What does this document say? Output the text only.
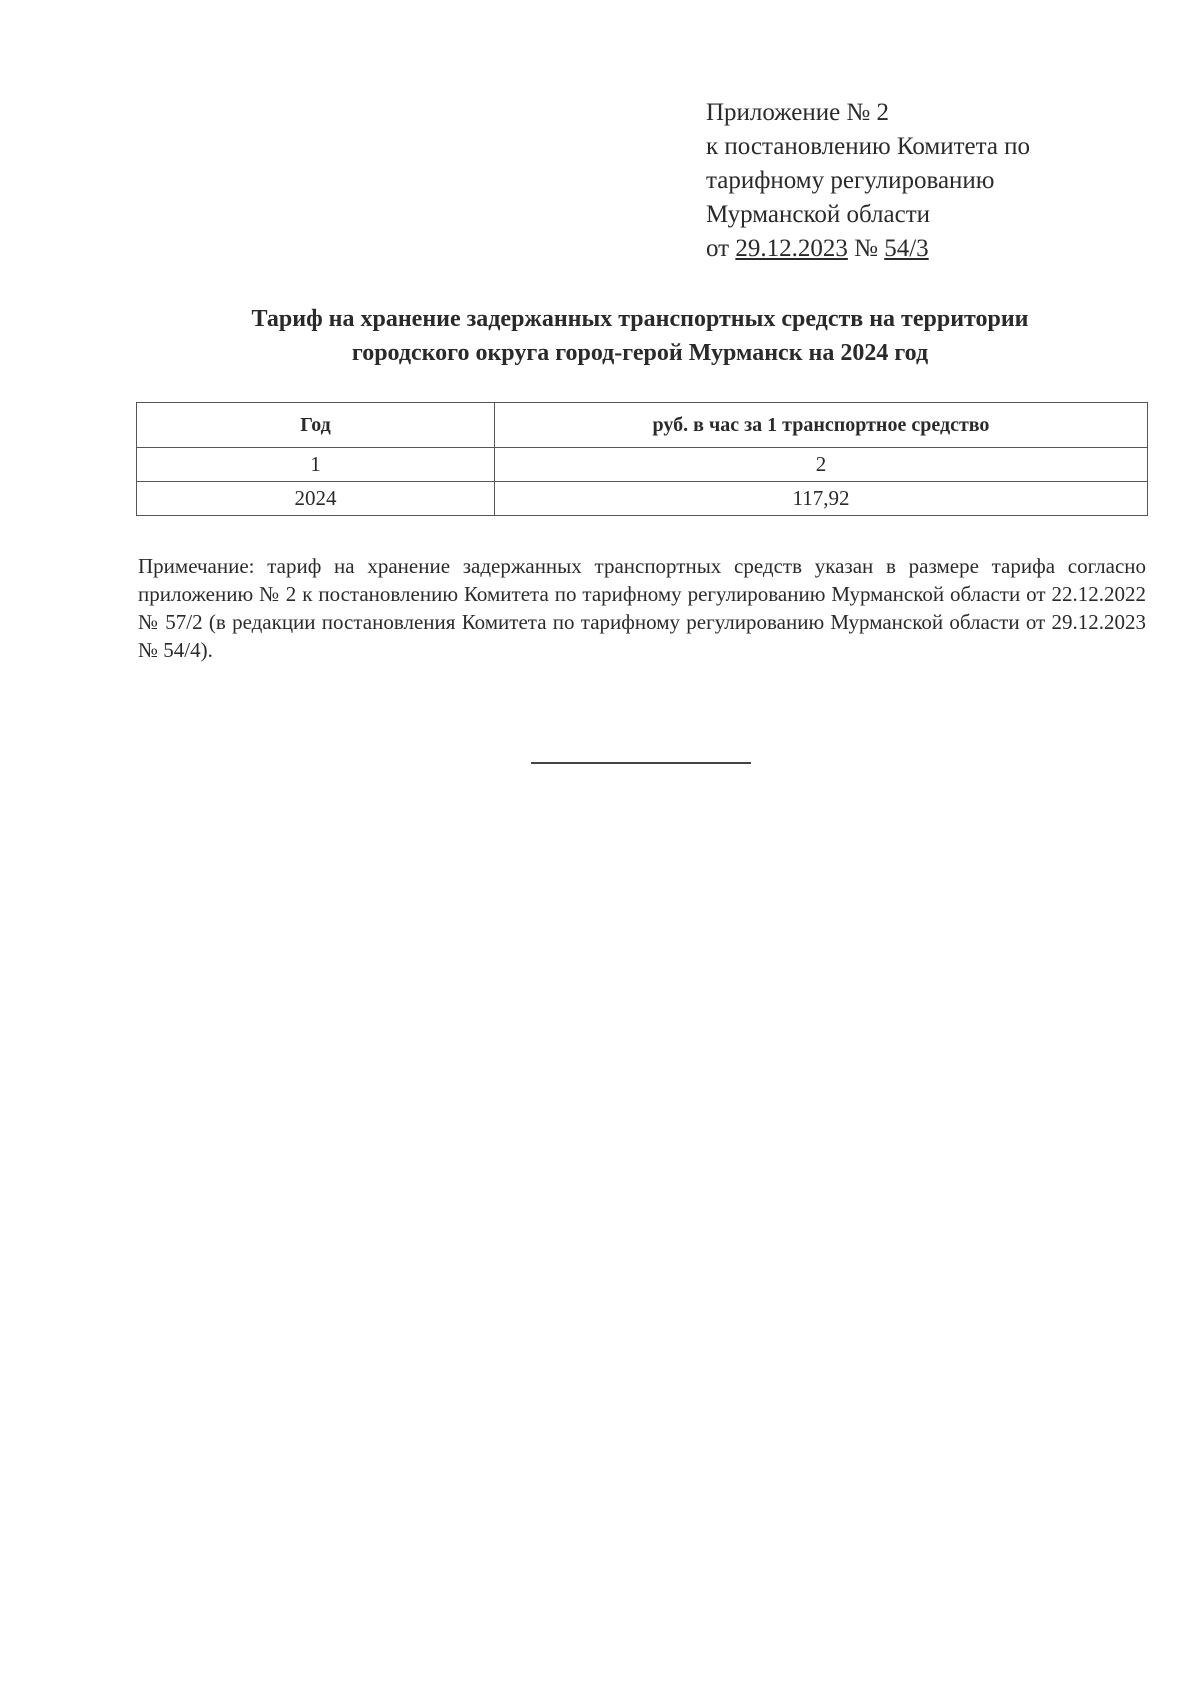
Приложение № 2
к постановлению Комитета по
тарифному регулированию
Мурманской области
от 29.12.2023 № 54/3
Тариф на хранение задержанных транспортных средств на территории
городского округа город-герой Мурманск на 2024 год
Год	руб. в час за 1 транспортное средство
1	2
2024	117,92
Примечание: тариф на хранение задержанных транспортных средств указан в размере тарифа согласно приложению № 2 к постановлению Комитета по тарифному регулированию Мурманской области от 22.12.2022 № 57/2 (в редакции постановления Комитета по тарифному регулированию Мурманской области от 29.12.2023 № 54/4).
